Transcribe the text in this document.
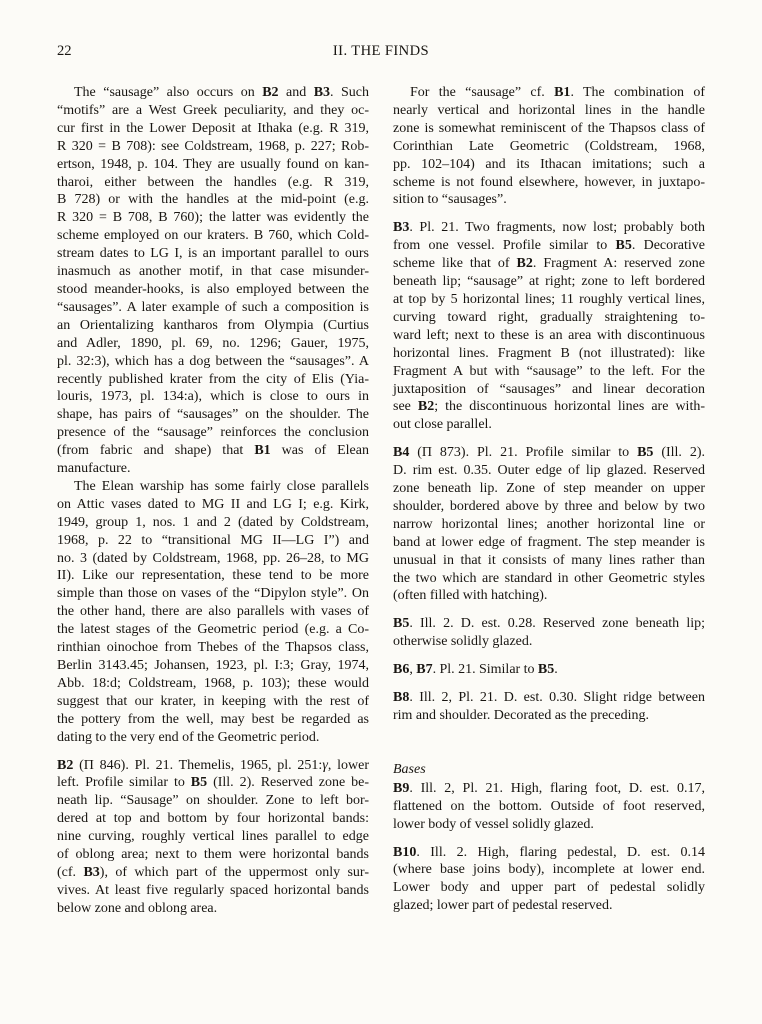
22	II. THE FINDS
The “sausage” also occurs on B2 and B3. Such
“motifs” are a West Greek peculiarity, and they oc-
cur first in the Lower Deposit at Ithaka (e.g. R 319,
R 320 = B 708): see Coldstream, 1968, p. 227; Rob-
ertson, 1948, p. 104. They are usually found on kan-
tharoi, either between the handles (e.g. R 319,
B 728) or with the handles at the mid-point (e.g.
R 320 = B 708, B 760); the latter was evidently the
scheme employed on our kraters. B 760, which Cold-
stream dates to LG I, is an important parallel to ours
inasmuch as another motif, in that case misunder-
stood meander-hooks, is also employed between the
“sausages”. A later example of such a composition is
an Orientalizing kantharos from Olympia (Curtius
and Adler, 1890, pl. 69, no. 1296; Gauer, 1975,
pl. 32:3), which has a dog between the “sausages”. A
recently published krater from the city of Elis (Yia-
louris, 1973, pl. 134:a), which is close to ours in
shape, has pairs of “sausages” on the shoulder. The
presence of the “sausage” reinforces the conclusion
(from fabric and shape) that B1 was of Elean
manufacture.
The Elean warship has some fairly close parallels
on Attic vases dated to MG II and LG I; e.g. Kirk,
1949, group 1, nos. 1 and 2 (dated by Coldstream,
1968, p. 22 to “transitional MG II—LG I”) and
no. 3 (dated by Coldstream, 1968, pp. 26–28, to MG
II). Like our representation, these tend to be more
simple than those on vases of the “Dipylon style”. On
the other hand, there are also parallels with vases of
the latest stages of the Geometric period (e.g. a Co-
rinthian oinochoe from Thebes of the Thapsos class,
Berlin 3143.45; Johansen, 1923, pl. I:3; Gray, 1974,
Abb. 18:d; Coldstream, 1968, p. 103); these would
suggest that our krater, in keeping with the rest of
the pottery from the well, may best be regarded as
dating to the very end of the Geometric period.
B2 (Π 846). Pl. 21. Themelis, 1965, pl. 251:γ, lower
left. Profile similar to B5 (Ill. 2). Reserved zone be-
neath lip. “Sausage” on shoulder. Zone to left bor-
dered at top and bottom by four horizontal bands:
nine curving, roughly vertical lines parallel to edge
of oblong area; next to them were horizontal bands
(cf. B3), of which part of the uppermost only sur-
vives. At least five regularly spaced horizontal bands
below zone and oblong area.
For the “sausage” cf. B1. The combination of
nearly vertical and horizontal lines in the handle
zone is somewhat reminiscent of the Thapsos class of
Corinthian Late Geometric (Coldstream, 1968,
pp. 102–104) and its Ithacan imitations; such a
scheme is not found elsewhere, however, in juxtapo-
sition to “sausages”.
B3. Pl. 21. Two fragments, now lost; probably both
from one vessel. Profile similar to B5. Decorative
scheme like that of B2. Fragment A: reserved zone
beneath lip; “sausage” at right; zone to left bordered
at top by 5 horizontal lines; 11 roughly vertical lines,
curving toward right, gradually straightening to-
ward left; next to these is an area with discontinuous
horizontal lines. Fragment B (not illustrated): like
Fragment A but with “sausage” to the left. For the
juxtaposition of “sausages” and linear decoration
see B2; the discontinuous horizontal lines are with-
out close parallel.
B4 (Π 873). Pl. 21. Profile similar to B5 (Ill. 2).
D. rim est. 0.35. Outer edge of lip glazed. Reserved
zone beneath lip. Zone of step meander on upper
shoulder, bordered above by three and below by two
narrow horizontal lines; another horizontal line or
band at lower edge of fragment. The step meander is
unusual in that it consists of many lines rather than
the two which are standard in other Geometric styles
(often filled with hatching).
B5. Ill. 2. D. est. 0.28. Reserved zone beneath lip;
otherwise solidly glazed.
B6, B7. Pl. 21. Similar to B5.
B8. Ill. 2, Pl. 21. D. est. 0.30. Slight ridge between
rim and shoulder. Decorated as the preceding.
Bases
B9. Ill. 2, Pl. 21. High, flaring foot, D. est. 0.17,
flattened on the bottom. Outside of foot reserved,
lower body of vessel solidly glazed.
B10. Ill. 2. High, flaring pedestal, D. est. 0.14
(where base joins body), incomplete at lower end.
Lower body and upper part of pedestal solidly
glazed; lower part of pedestal reserved.
